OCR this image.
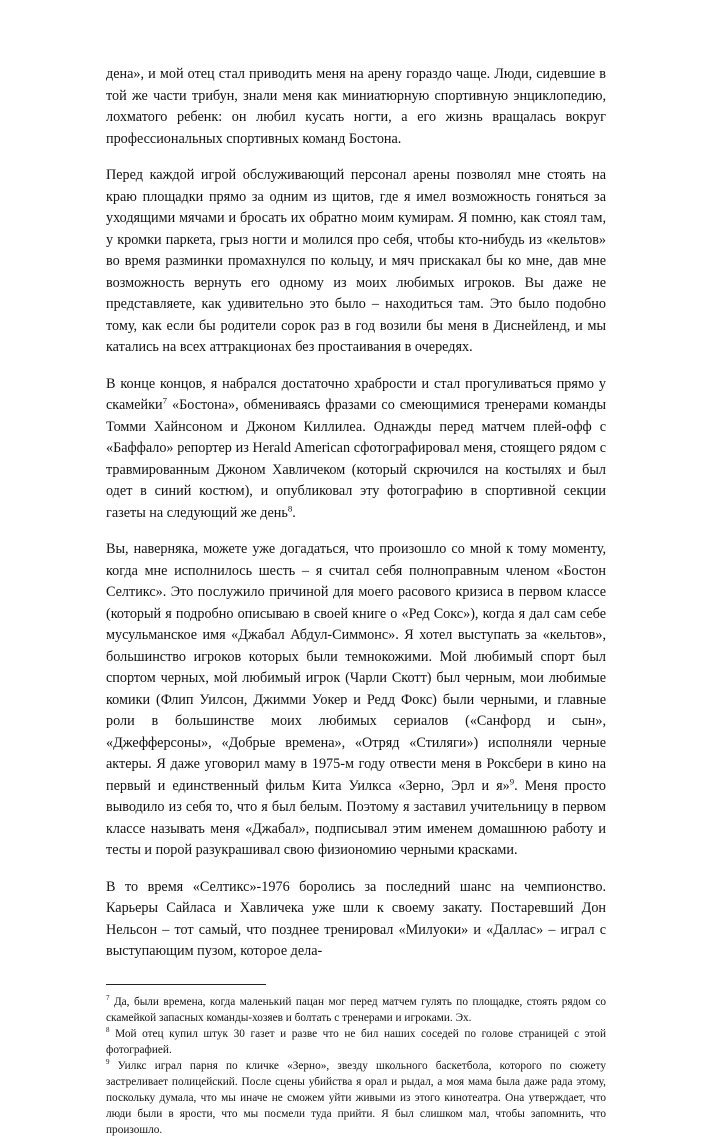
дена», и мой отец стал приводить меня на арену гораздо чаще. Люди, сидевшие в той же части трибун, знали меня как миниатюрную спортивную энциклопедию, лохматого ребенк: он любил кусать ногти, а его жизнь вращалась вокруг профессиональных спортивных команд Бостона.

Перед каждой игрой обслуживающий персонал арены позволял мне стоять на краю площадки прямо за одним из щитов, где я имел возможность гоняться за уходящими мячами и бросать их обратно моим кумирам. Я помню, как стоял там, у кромки паркета, грыз ногти и молился про себя, чтобы кто-нибудь из «кельтов» во время разминки промахнулся по кольцу, и мяч прискакал бы ко мне, дав мне возможность вернуть его одному из моих любимых игроков. Вы даже не представляете, как удивительно это было – находиться там. Это было подобно тому, как если бы родители сорок раз в год возили бы меня в Диснейленд, и мы катались на всех аттракционах без простаивания в очередях.

В конце концов, я набрался достаточно храбрости и стал прогуливаться прямо у скамейки$^7$ «Бостона», обмениваясь фразами со смеющимися тренерами команды Томми Хайнсоном и Джоном Киллилеа. Однажды перед матчем плей-офф с «Баффало» репортер из Herald American сфотографировал меня, стоящего рядом с травмированным Джоном Хавличеком (который скрючился на костылях и был одет в синий костюм), и опубликовал эту фотографию в спортивной секции газеты на следующий же день$^8$.

Вы, наверняка, можете уже догадаться, что произошло со мной к тому моменту, когда мне исполнилось шесть – я считал себя полноправным членом «Бостон Селтикс». Это послужило причиной для моего расового кризиса в первом классе (который я подробно описываю в своей книге о «Ред Сокс»), когда я дал сам себе мусульманское имя «Джабал Абдул-Симмонс». Я хотел выступать за «кельтов», большинство игроков которых были темнокожими. Мой любимый спорт был спортом черных, мой любимый игрок (Чарли Скотт) был черным, мои любимые комики (Флип Уилсон, Джимми Уокер и Редд Фокс) были черными, и главные роли в большинстве моих любимых сериалов («Санфорд и сын», «Джефферсоны», «Добрые времена», «Отряд «Стиляги») исполняли черные актеры. Я даже уговорил маму в 1975-м году отвести меня в Роксбери в кино на первый и единственный фильм Кита Уилкса «Зерно, Эрл и я»$^9$. Меня просто выводило из себя то, что я был белым. Поэтому я заставил учительницу в первом классе называть меня «Джабал», подписывал этим именем домашнюю работу и тесты и порой разукрашивал свою физиономию черными красками.

В то время «Селтикс»-1976 боролись за последний шанс на чемпионство. Карьеры Сайласа и Хавличека уже шли к своему закату. Постаревший Дон Нельсон – тот самый, что позднее тренировал «Милуоки» и «Даллас» – играл с выступающим пузом, которое дела-

$^7$ Да, были времена, когда маленький пацан мог перед матчем гулять по площадке, стоять рядом со скамейкой запасных команды-хозяев и болтать с тренерами и игроками. Эх.

$^8$ Мой отец купил штук 30 газет и разве что не бил наших соседей по голове страницей с этой фотографией.

$^9$ Уилкс играл парня по кличке «Зерно», звезду школьного баскетбола, которого по сюжету застреливает полицейский. После сцены убийства я орал и рыдал, а моя мама была даже рада этому, поскольку думала, что мы иначе не сможем уйти живыми из этого кинотеатра. Она утверждает, что люди были в ярости, что мы посмели туда прийти. Я был слишком мал, чтобы запомнить, что произошло.
